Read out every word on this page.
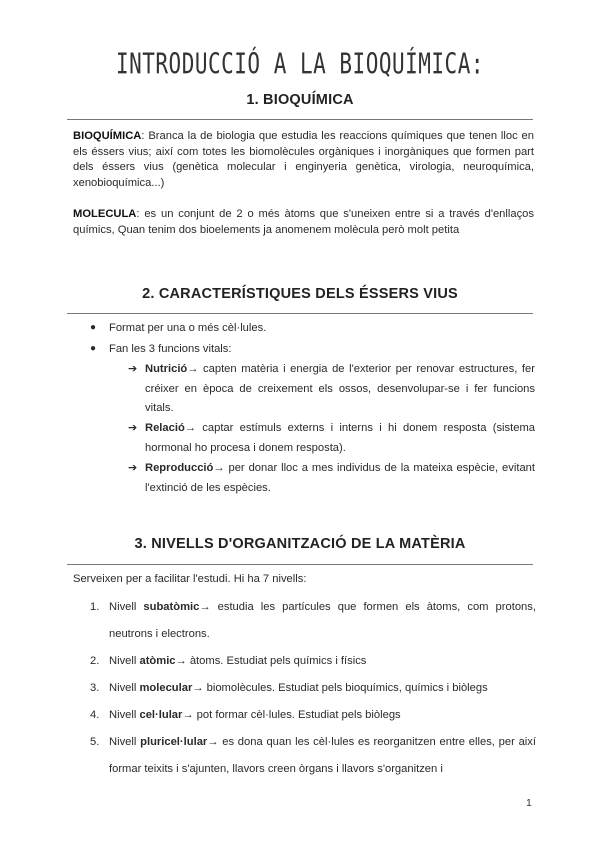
INTRODUCCIÓ A LA BIOQUÍMICA:
1. BIOQUÍMICA

BIOQUÍMICA: Branca la de biologia que estudia les reaccions químiques que tenen lloc en els éssers vius; així com totes les biomolècules orgàniques i inorgàniques que formen part dels éssers vius (genètica molecular i enginyeria genètica, virologia, neuroquímica, xenobioquímica...)

MOLECULA: es un conjunt de 2 o més àtoms que s'uneixen entre si a través d'enllaços químics, Quan tenim dos bioelements ja anomenem molècula però molt petita

2. CARACTERÍSTIQUES DELS ÉSSERS VIUS
● Format per una o més cèl·lules.
● Fan les 3 funcions vitals:
➔ Nutrició→ capten matèria i energia de l'exterior per renovar estructures, fer créixer en època de creixement els ossos, desenvolupar-se i fer funcions vitals.
➔ Relació→ captar estímuls externs i interns i hi donem resposta (sistema hormonal ho procesa i donem resposta).
➔ Reproducció→ per donar lloc a mes individus de la mateixa espècie, evitant l'extinció de les espècies.
3. NIVELLS D'ORGANITZACIÓ DE LA MATÈRIA

Serveixen per a facilitar l'estudi. Hi ha 7 nivells:

1. Nivell subatòmic→ estudia les partícules que formen els àtoms, com protons, neutrons i electrons.
2. Nivell atòmic→ àtoms. Estudiat pels químics i físics
3. Nivell molecular→ biomolècules. Estudiat pels bioquímics, químics i biòlegs
4. Nivell cel·lular→ pot formar cèl·lules. Estudiat pels biòlegs
5. Nivell pluricel·lular→ es dona quan les cèl·lules es reorganitzen entre elles, per així formar teixits i s'ajunten, llavors creen òrgans i llavors s'organitzen i
1
